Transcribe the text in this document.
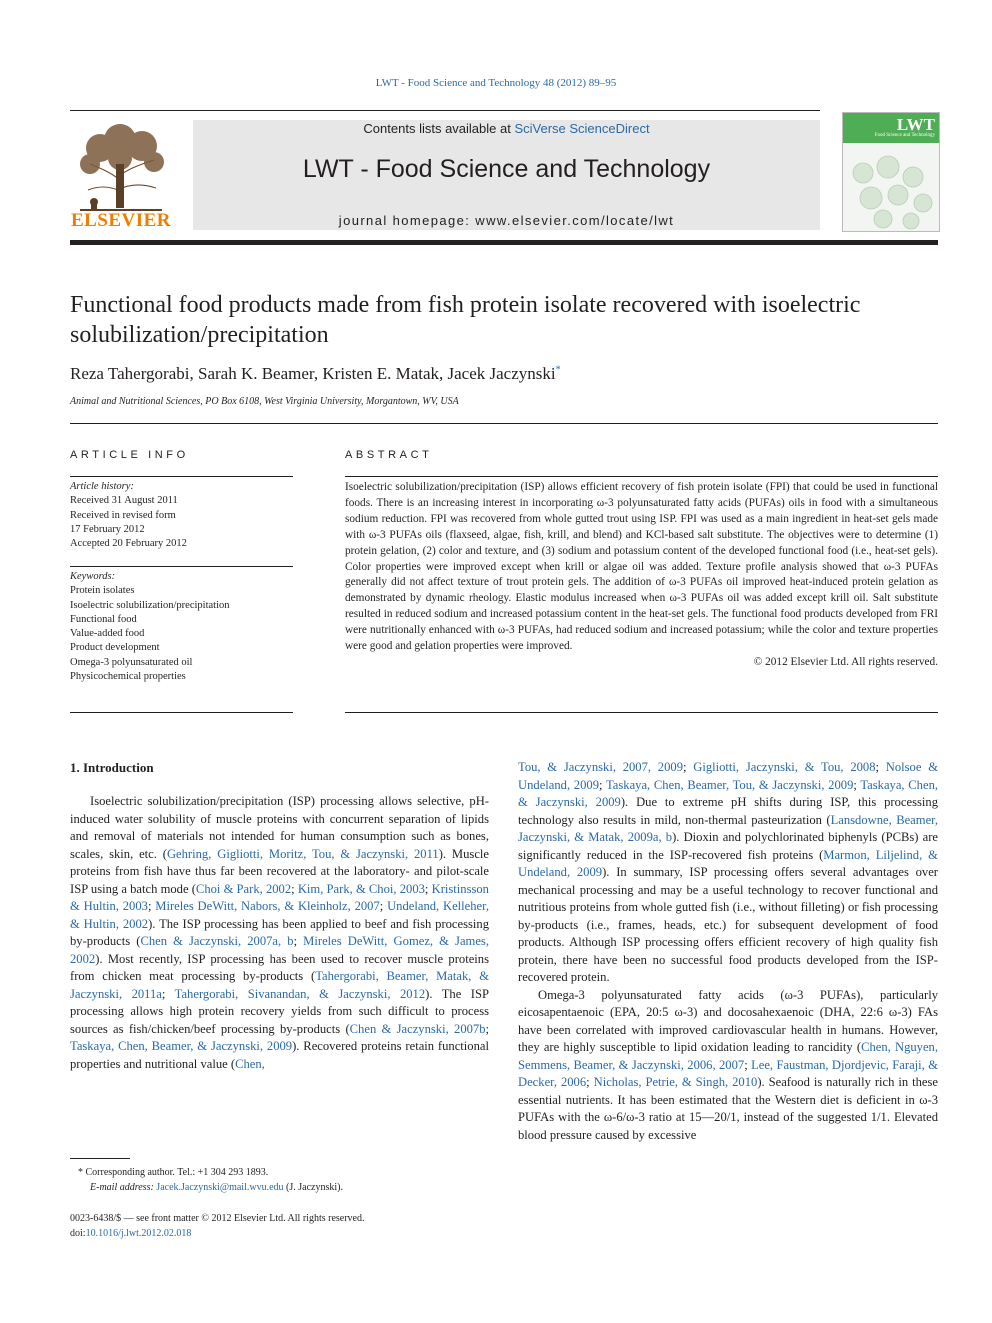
LWT - Food Science and Technology 48 (2012) 89–95
ELSEVIER
Contents lists available at SciVerse ScienceDirect
LWT - Food Science and Technology
journal homepage: www.elsevier.com/locate/lwt
LWT
Food Science and Technology
Functional food products made from fish protein isolate recovered with isoelectric solubilization/precipitation
Reza Tahergorabi, Sarah K. Beamer, Kristen E. Matak, Jacek Jaczynski*
Animal and Nutritional Sciences, PO Box 6108, West Virginia University, Morgantown, WV, USA
ARTICLE INFO
Article history:
Received 31 August 2011
Received in revised form
17 February 2012
Accepted 20 February 2012
Keywords:
Protein isolates
Isoelectric solubilization/precipitation
Functional food
Value-added food
Product development
Omega-3 polyunsaturated oil
Physicochemical properties
ABSTRACT
Isoelectric solubilization/precipitation (ISP) allows efficient recovery of fish protein isolate (FPI) that could be used in functional foods. There is an increasing interest in incorporating ω-3 polyunsaturated fatty acids (PUFAs) oils in food with a simultaneous sodium reduction. FPI was recovered from whole gutted trout using ISP. FPI was used as a main ingredient in heat-set gels made with ω-3 PUFAs oils (flaxseed, algae, fish, krill, and blend) and KCl-based salt substitute. The objectives were to determine (1) protein gelation, (2) color and texture, and (3) sodium and potassium content of the developed functional food (i.e., heat-set gels). Color properties were improved except when krill or algae oil was added. Texture profile analysis showed that ω-3 PUFAs generally did not affect texture of trout protein gels. The addition of ω-3 PUFAs oil improved heat-induced protein gelation as demonstrated by dynamic rheology. Elastic modulus increased when ω-3 PUFAs oil was added except krill oil. Salt substitute resulted in reduced sodium and increased potassium content in the heat-set gels. The functional food products developed from FRI were nutritionally enhanced with ω-3 PUFAs, had reduced sodium and increased potassium; while the color and texture properties were good and gelation properties were improved.
© 2012 Elsevier Ltd. All rights reserved.
1. Introduction

Isoelectric solubilization/precipitation (ISP) processing allows selective, pH-induced water solubility of muscle proteins with concurrent separation of lipids and removal of materials not intended for human consumption such as bones, scales, skin, etc. (Gehring, Gigliotti, Moritz, Tou, & Jaczynski, 2011). Muscle proteins from fish have thus far been recovered at the laboratory- and pilot-scale ISP using a batch mode (Choi & Park, 2002; Kim, Park, & Choi, 2003; Kristinsson & Hultin, 2003; Mireles DeWitt, Nabors, & Kleinholz, 2007; Undeland, Kelleher, & Hultin, 2002). The ISP processing has been applied to beef and fish processing by-products (Chen & Jaczynski, 2007a, b; Mireles DeWitt, Gomez, & James, 2002). Most recently, ISP processing has been used to recover muscle proteins from chicken meat processing by-products (Tahergorabi, Beamer, Matak, & Jaczynski, 2011a; Tahergorabi, Sivanandan, & Jaczynski, 2012). The ISP processing allows high protein recovery yields from such difficult to process sources as fish/chicken/beef processing by-products (Chen & Jaczynski, 2007b; Taskaya, Chen, Beamer, & Jaczynski, 2009). Recovered proteins retain functional properties and nutritional value (Chen,

Tou, & Jaczynski, 2007, 2009; Gigliotti, Jaczynski, & Tou, 2008; Nolsoe & Undeland, 2009; Taskaya, Chen, Beamer, Tou, & Jaczynski, 2009; Taskaya, Chen, & Jaczynski, 2009). Due to extreme pH shifts during ISP, this processing technology also results in mild, non-thermal pasteurization (Lansdowne, Beamer, Jaczynski, & Matak, 2009a, b). Dioxin and polychlorinated biphenyls (PCBs) are significantly reduced in the ISP-recovered fish proteins (Marmon, Liljelind, & Undeland, 2009). In summary, ISP processing offers several advantages over mechanical processing and may be a useful technology to recover functional and nutritious proteins from whole gutted fish (i.e., without filleting) or fish processing by-products (i.e., frames, heads, etc.) for subsequent development of food products. Although ISP processing offers efficient recovery of high quality fish protein, there have been no successful food products developed from the ISP-recovered protein.

Omega-3 polyunsaturated fatty acids (ω-3 PUFAs), particularly eicosapentaenoic (EPA, 20:5 ω-3) and docosahexaenoic (DHA, 22:6 ω-3) FAs have been correlated with improved cardiovascular health in humans. However, they are highly susceptible to lipid oxidation leading to rancidity (Chen, Nguyen, Semmens, Beamer, & Jaczynski, 2006, 2007; Lee, Faustman, Djordjevic, Faraji, & Decker, 2006; Nicholas, Petrie, & Singh, 2010). Seafood is naturally rich in these essential nutrients. It has been estimated that the Western diet is deficient in ω-3 PUFAs with the ω-6/ω-3 ratio at 15—20/1, instead of the suggested 1/1. Elevated blood pressure caused by excessive

* Corresponding author. Tel.: +1 304 293 1893.
E-mail address: Jacek.Jaczynski@mail.wvu.edu (J. Jaczynski).
0023-6438/$ — see front matter © 2012 Elsevier Ltd. All rights reserved.
doi:10.1016/j.lwt.2012.02.018
